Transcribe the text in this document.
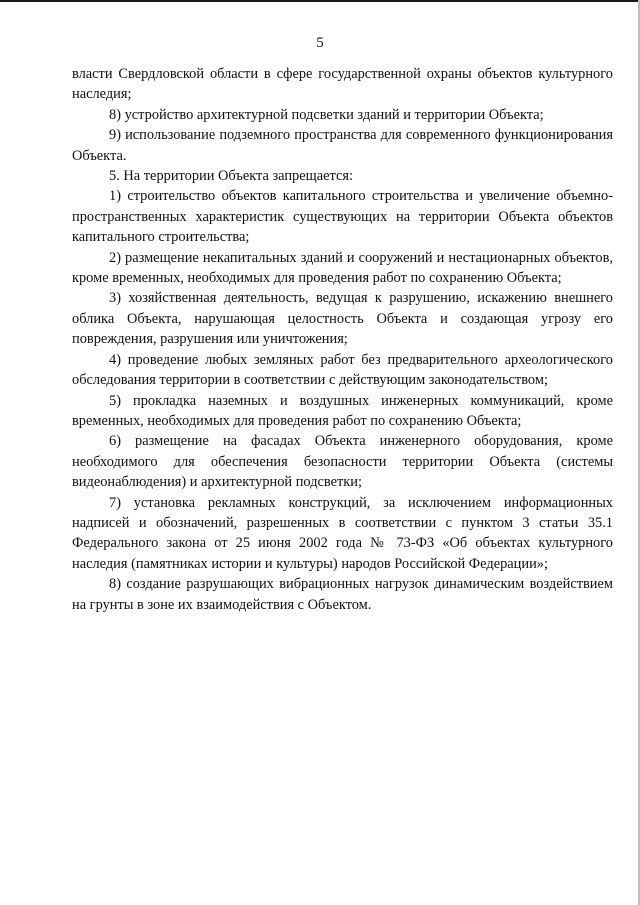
5

власти Свердловской области в сфере государственной охраны объектов культурного наследия;

8) устройство архитектурной подсветки зданий и территории Объекта;

9) использование подземного пространства для современного функционирования Объекта.

5. На территории Объекта запрещается:

1) строительство объектов капитального строительства и увеличение объемно-пространственных характеристик существующих на территории Объекта объектов капитального строительства;

2) размещение некапитальных зданий и сооружений и нестационарных объектов, кроме временных, необходимых для проведения работ по сохранению Объекта;

3) хозяйственная деятельность, ведущая к разрушению, искажению внешнего облика Объекта, нарушающая целостность Объекта и создающая угрозу его повреждения, разрушения или уничтожения;

4) проведение любых земляных работ без предварительного археологического обследования территории в соответствии с действующим законодательством;

5) прокладка наземных и воздушных инженерных коммуникаций, кроме временных, необходимых для проведения работ по сохранению Объекта;

6) размещение на фасадах Объекта инженерного оборудования, кроме необходимого для обеспечения безопасности территории Объекта (системы видеонаблюдения) и архитектурной подсветки;

7) установка рекламных конструкций, за исключением информационных надписей и обозначений, разрешенных в соответствии с пунктом 3 статьи 35.1 Федерального закона от 25 июня 2002 года № 73-ФЗ «Об объектах культурного наследия (памятниках истории и культуры) народов Российской Федерации»;

8) создание разрушающих вибрационных нагрузок динамическим воздействием на грунты в зоне их взаимодействия с Объектом.
